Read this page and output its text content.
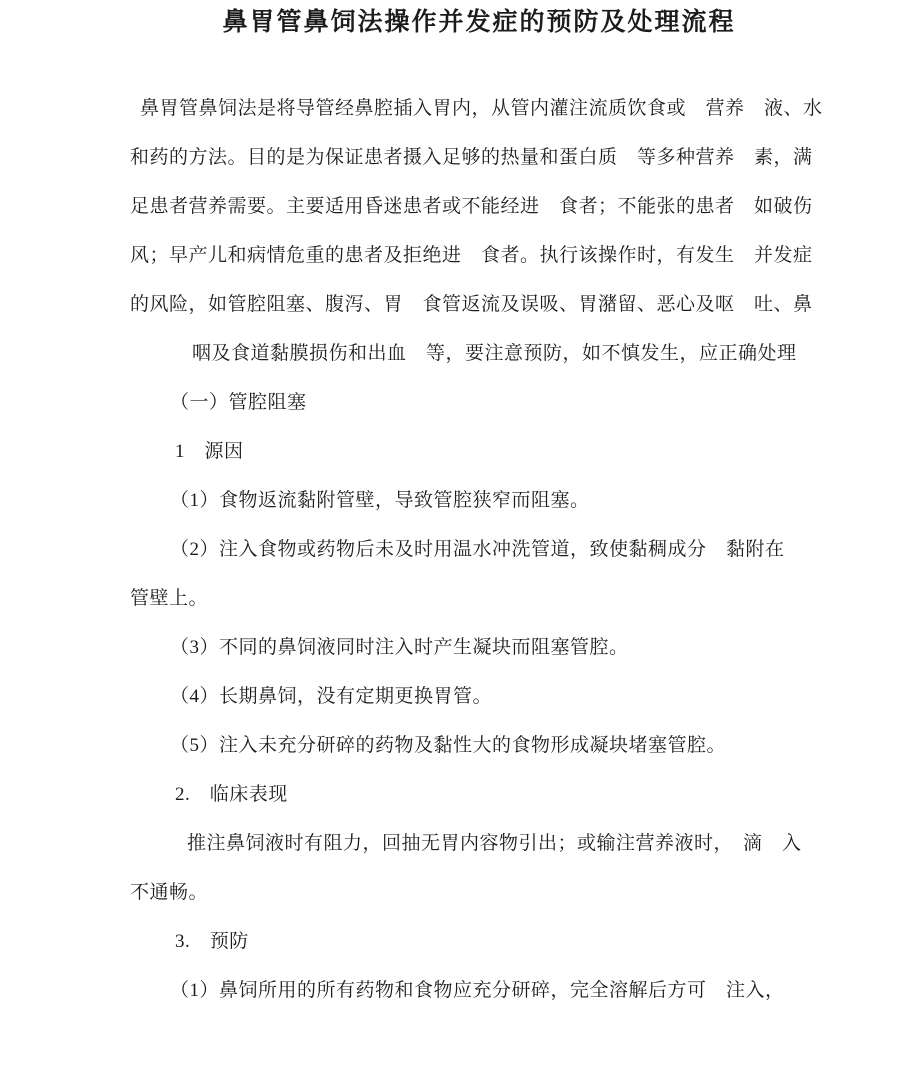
鼻胃管鼻饲法操作并发症的预防及处理流程
鼻胃管鼻饲法是将导管经鼻腔插入胃内，从管内灌注流质饮食或　营养　液、水
和药的方法。目的是为保证患者摄入足够的热量和蛋白质　等多种营养　素，满
足患者营养需要。主要适用昏迷患者或不能经进　食者；不能张的患者　如破伤
风；早产儿和病情危重的患者及拒绝进　食者。执行该操作时，有发生　并发症
的风险，如管腔阻塞、腹泻、胃　食管返流及误吸、胃潴留、恶心及呕　吐、鼻
咽及食道黏膜损伤和出血　等，要注意预防，如不慎发生，应正确处理
（一）管腔阻塞
1　源因
（1）食物返流黏附管壁，导致管腔狭窄而阻塞。
（2）注入食物或药物后未及时用温水冲洗管道，致使黏稠成分　黏附在
管壁上。
（3）不同的鼻饲液同时注入时产生凝块而阻塞管腔。
（4）长期鼻饲，没有定期更换胃管。
（5）注入未充分研碎的药物及黏性大的食物形成凝块堵塞管腔。
2.　临床表现
推注鼻饲液时有阻力，回抽无胃内容物引出；或输注营养液时，　滴　入
不通畅。
3.　预防
（1）鼻饲所用的所有药物和食物应充分研碎，完全溶解后方可　注入，
